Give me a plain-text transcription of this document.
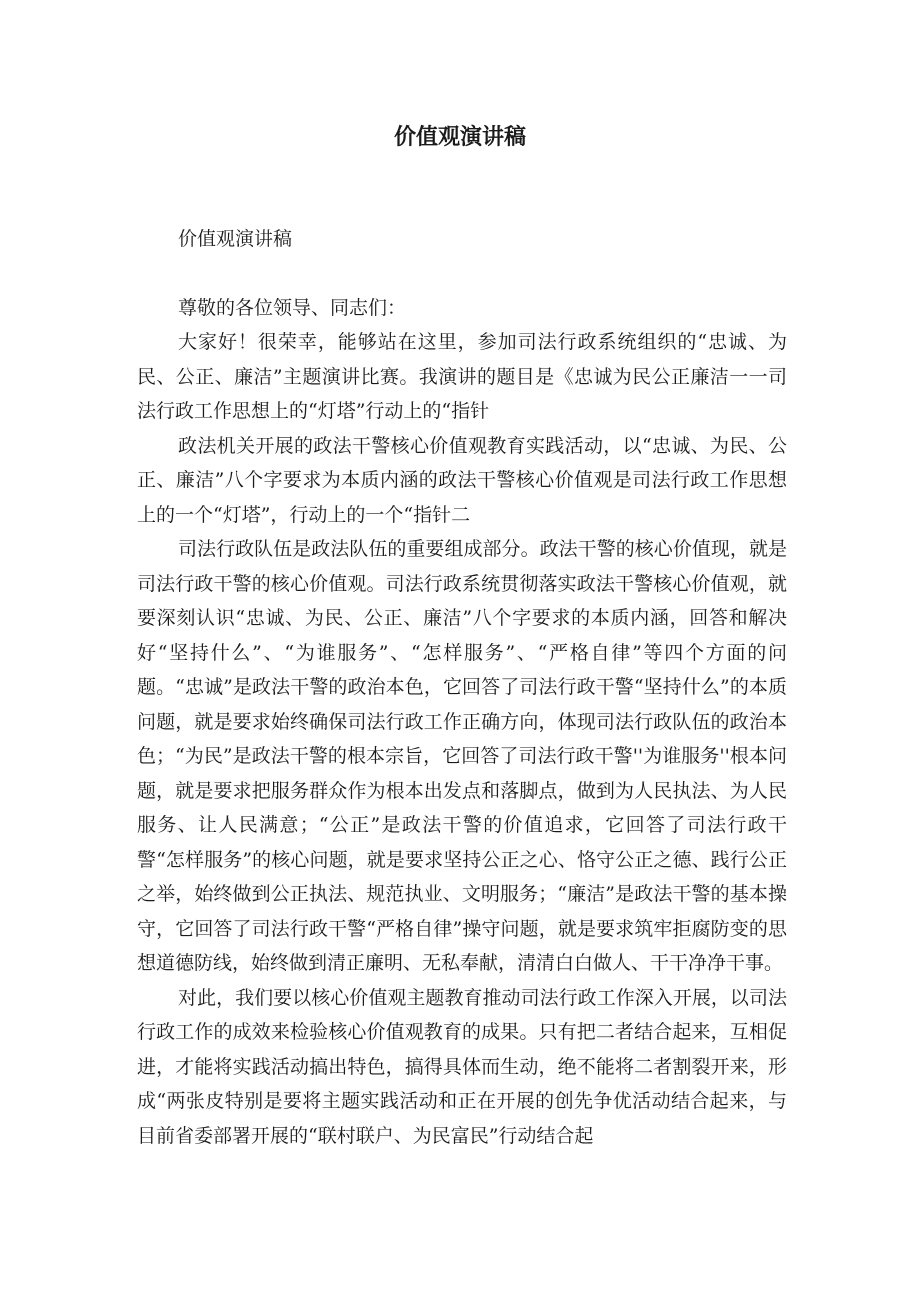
价值观演讲稿

价值观演讲稿

尊敬的各位领导、同志们：

大家好！很荣幸，能够站在这里，参加司法行政系统组织的“忠诚、为民、公正、廉洁”主题演讲比赛。我演讲的题目是《忠诚为民公正廉洁一一司法行政工作思想上的“灯塔”行动上的“指针

政法机关开展的政法干警核心价值观教育实践活动，以“忠诚、为民、公正、廉洁”八个字要求为本质内涵的政法干警核心价值观是司法行政工作思想上的一个“灯塔”，行动上的一个“指针二

司法行政队伍是政法队伍的重要组成部分。政法干警的核心价值现，就是司法行政干警的核心价值观。司法行政系统贯彻落实政法干警核心价值观，就要深刻认识“忠诚、为民、公正、廉洁”八个字要求的本质内涵，回答和解决好“坚持什么”、“为谁服务”、“怎样服务”、“严格自律”等四个方面的问题。“忠诚”是政法干警的政治本色，它回答了司法行政干警“坚持什么”的本质问题，就是要求始终确保司法行政工作正确方向，体现司法行政队伍的政治本色；“为民”是政法干警的根本宗旨，它回答了司法行政干警''为谁服务''根本问题，就是要求把服务群众作为根本出发点和落脚点，做到为人民执法、为人民服务、让人民满意；“公正”是政法干警的价值追求，它回答了司法行政干警“怎样服务”的核心问题，就是要求坚持公正之心、恪守公正之德、践行公正之举，始终做到公正执法、规范执业、文明服务；“廉洁”是政法干警的基本操守，它回答了司法行政干警“严格自律”操守问题，就是要求筑牢拒腐防变的思想道德防线，始终做到清正廉明、无私奉献，清清白白做人、干干净净干事。

对此，我们要以核心价值观主题教育推动司法行政工作深入开展，以司法行政工作的成效来检验核心价值观教育的成果。只有把二者结合起来，互相促进，才能将实践活动搞出特色，搞得具体而生动，绝不能将二者割裂开来，形成“两张皮特别是要将主题实践活动和正在开展的创先争优活动结合起来，与目前省委部署开展的“联村联户、为民富民”行动结合起
